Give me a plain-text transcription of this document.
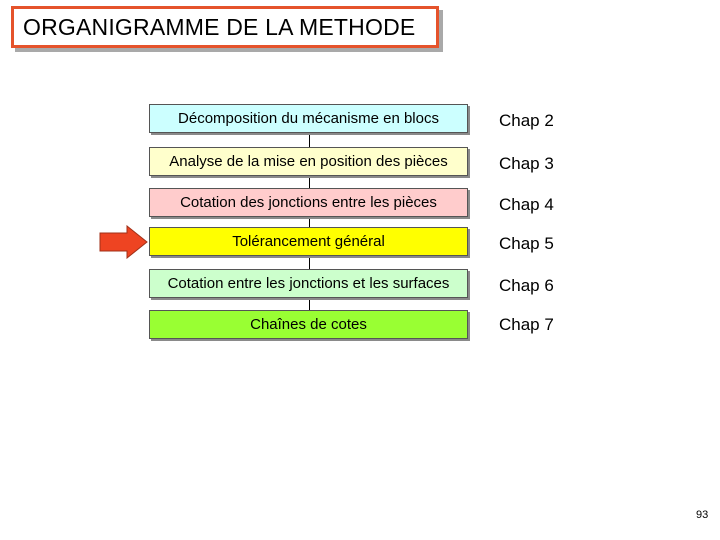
ORGANIGRAMME DE LA METHODE
Décomposition du mécanisme en blocs	Chap 2
Analyse de la mise en position des pièces	Chap 3
Cotation des jonctions entre les pièces	Chap 4
Tolérancement général	Chap 5
Cotation entre les jonctions et les surfaces	Chap 6
Chaînes de cotes	Chap 7
93
